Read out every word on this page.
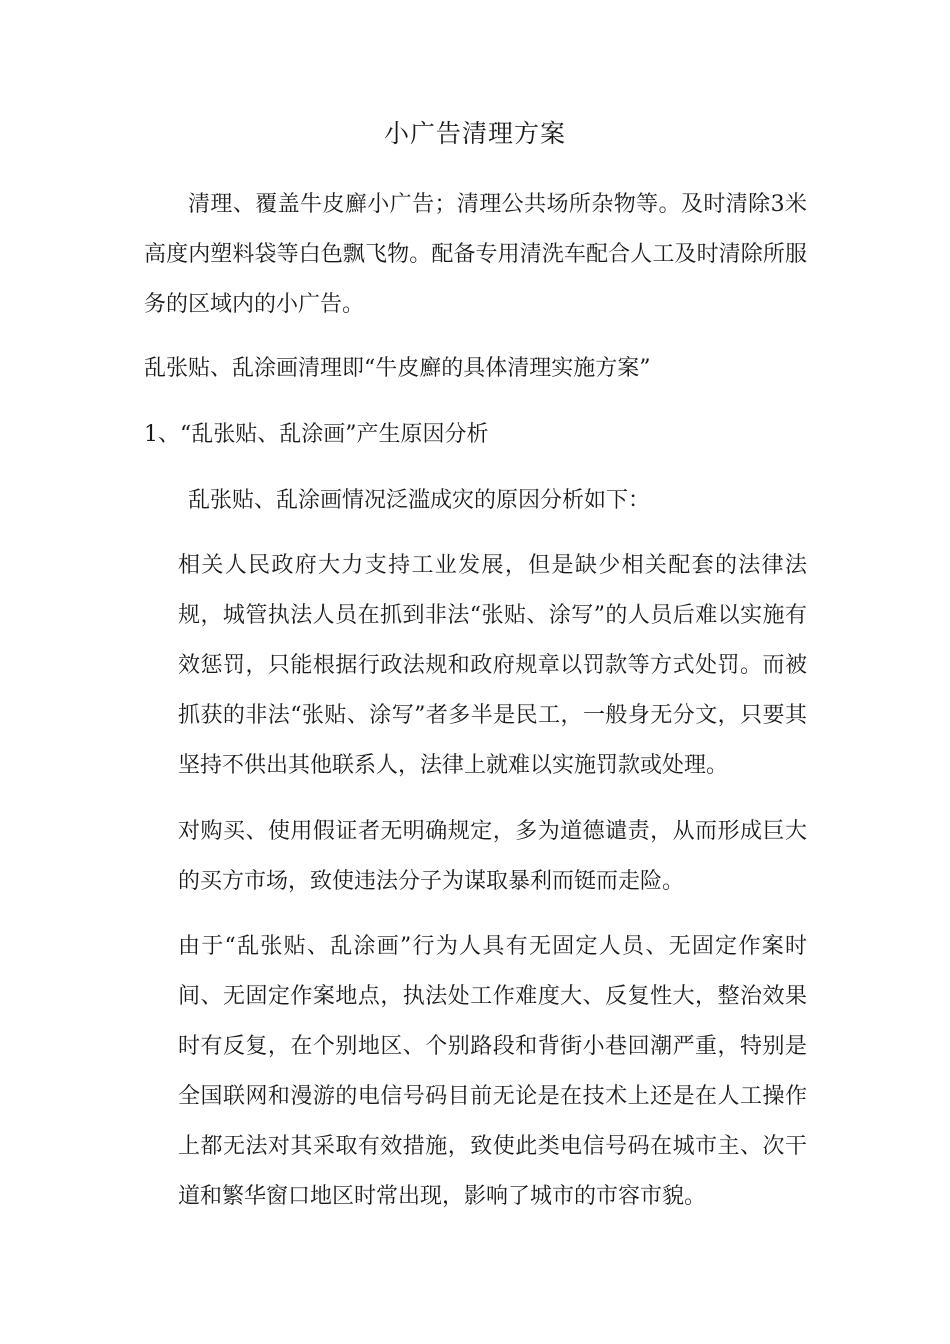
小广告清理方案

清理、覆盖牛皮廯小广告；清理公共场所杂物等。及时清除3米高度内塑料袋等白色飘飞物。配备专用清洗车配合人工及时清除所服务的区域内的小广告。

乱张贴、乱涂画清理即“牛皮廯的具体清理实施方案”

1、“乱张贴、乱涂画”产生原因分析

乱张贴、乱涂画情况泛滥成灾的原因分析如下：

相关人民政府大力支持工业发展，但是缺少相关配套的法律法规，城管执法人员在抓到非法“张贴、涂写”的人员后难以实施有效惩罚，只能根据行政法规和政府规章以罚款等方式处罚。而被抓获的非法“张贴、涂写”者多半是民工，一般身无分文，只要其坚持不供出其他联系人，法律上就难以实施罚款或处理。

对购买、使用假证者无明确规定，多为道德谴责，从而形成巨大的买方市场，致使违法分子为谋取暴利而铤而走险。

由于“乱张贴、乱涂画”行为人具有无固定人员、无固定作案时间、无固定作案地点，执法处工作难度大、反复性大，整治效果时有反复，在个别地区、个别路段和背街小巷回潮严重，特别是全国联网和漫游的电信号码目前无论是在技术上还是在人工操作上都无法对其采取有效措施，致使此类电信号码在城市主、次干道和繁华窗口地区时常出现，影响了城市的市容市貌。
